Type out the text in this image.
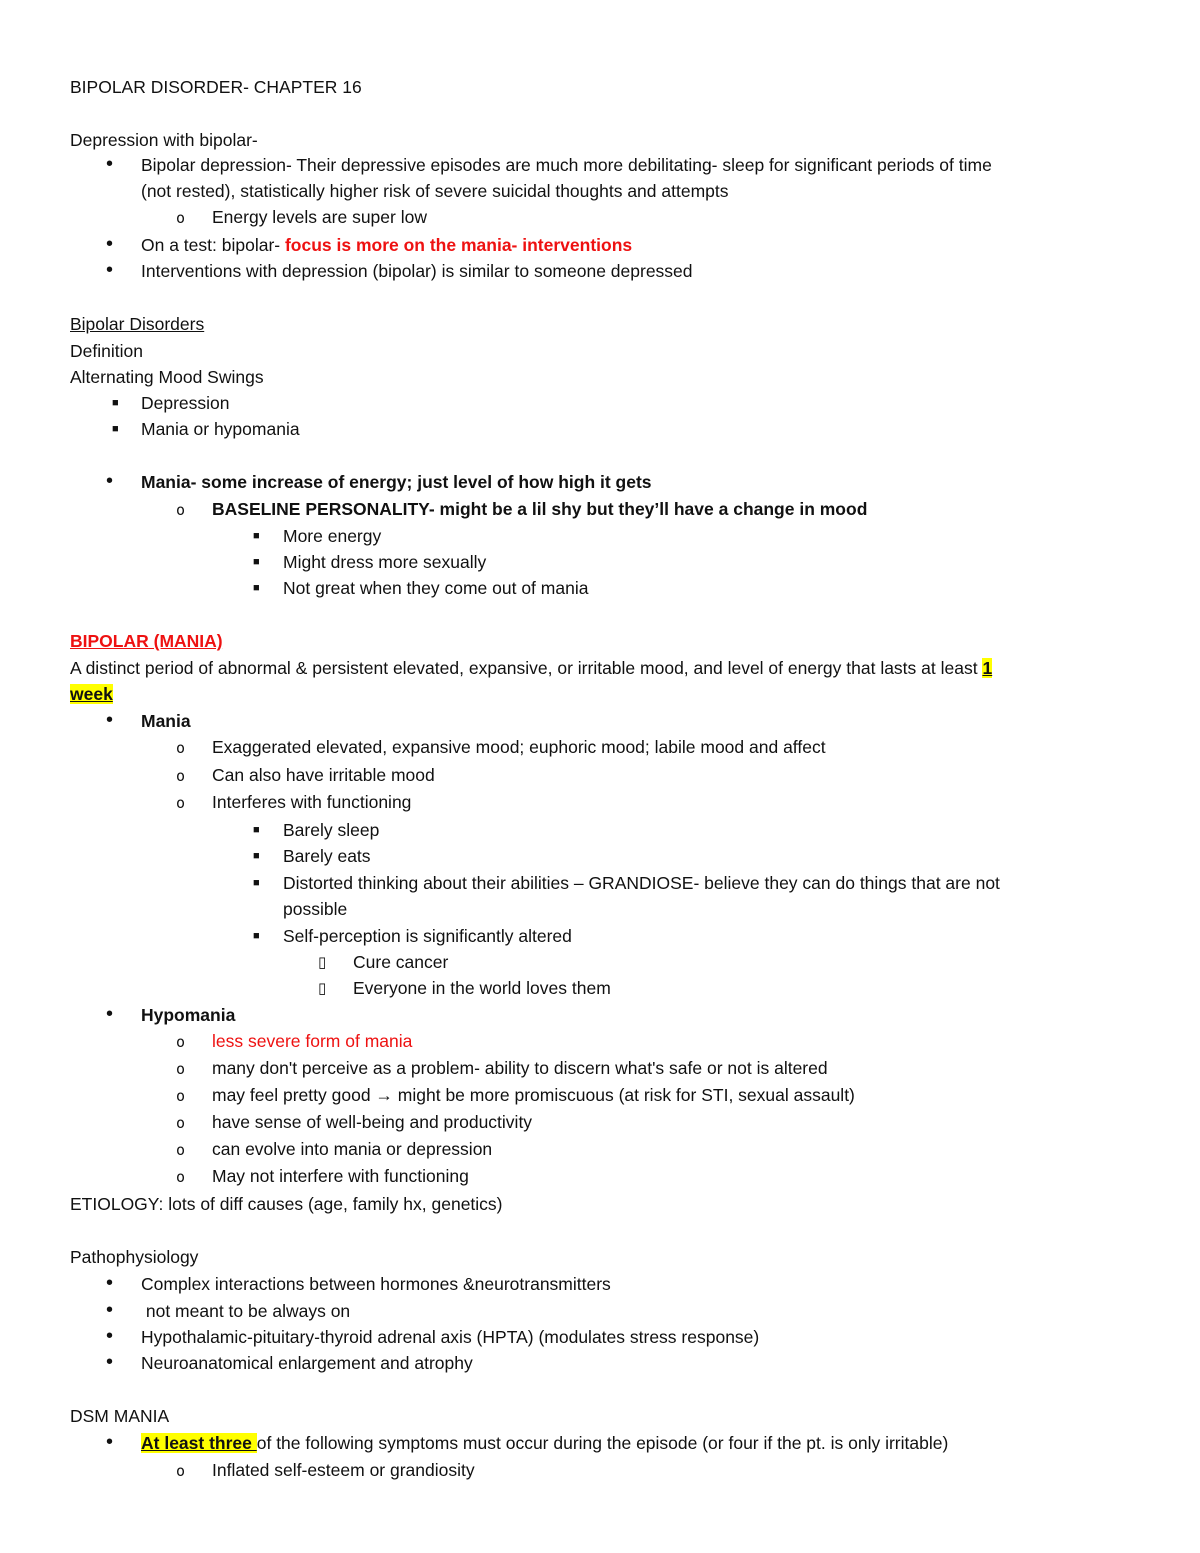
BIPOLAR DISORDER- CHAPTER 16
Depression with bipolar-
• Bipolar depression- Their depressive episodes are much more debilitating- sleep for significant periods of time
(not rested), statistically higher risk of severe suicidal thoughts and attempts
o Energy levels are super low
• On a test: bipolar- focus is more on the mania- interventions
• Interventions with depression (bipolar) is similar to someone depressed
Bipolar Disorders
Definition
Alternating Mood Swings
■ Depression
■ Mania or hypomania
• Mania- some increase of energy; just level of how high it gets
o BASELINE PERSONALITY- might be a lil shy but they’ll have a change in mood
■ More energy
■ Might dress more sexually
■ Not great when they come out of mania
BIPOLAR (MANIA)
A distinct period of abnormal & persistent elevated, expansive, or irritable mood, and level of energy that lasts at least 1
week
• Mania
o Exaggerated elevated, expansive mood; euphoric mood; labile mood and affect
o Can also have irritable mood
o Interferes with functioning
■ Barely sleep
■ Barely eats
■ Distorted thinking about their abilities – GRANDIOSE- believe they can do things that are not
possible
■ Self-perception is significantly altered
▯ Cure cancer
▯ Everyone in the world loves them
• Hypomania
o less severe form of mania
o many don't perceive as a problem- ability to discern what's safe or not is altered
o may feel pretty good → might be more promiscuous (at risk for STI, sexual assault)
o have sense of well-being and productivity
o can evolve into mania or depression
o May not interfere with functioning
ETIOLOGY: lots of diff causes (age, family hx, genetics)
Pathophysiology
• Complex interactions between hormones &neurotransmitters
• not meant to be always on
• Hypothalamic-pituitary-thyroid adrenal axis (HPTA) (modulates stress response)
• Neuroanatomical enlargement and atrophy
DSM MANIA
• At least three of the following symptoms must occur during the episode (or four if the pt. is only irritable)
o Inflated self-esteem or grandiosity
